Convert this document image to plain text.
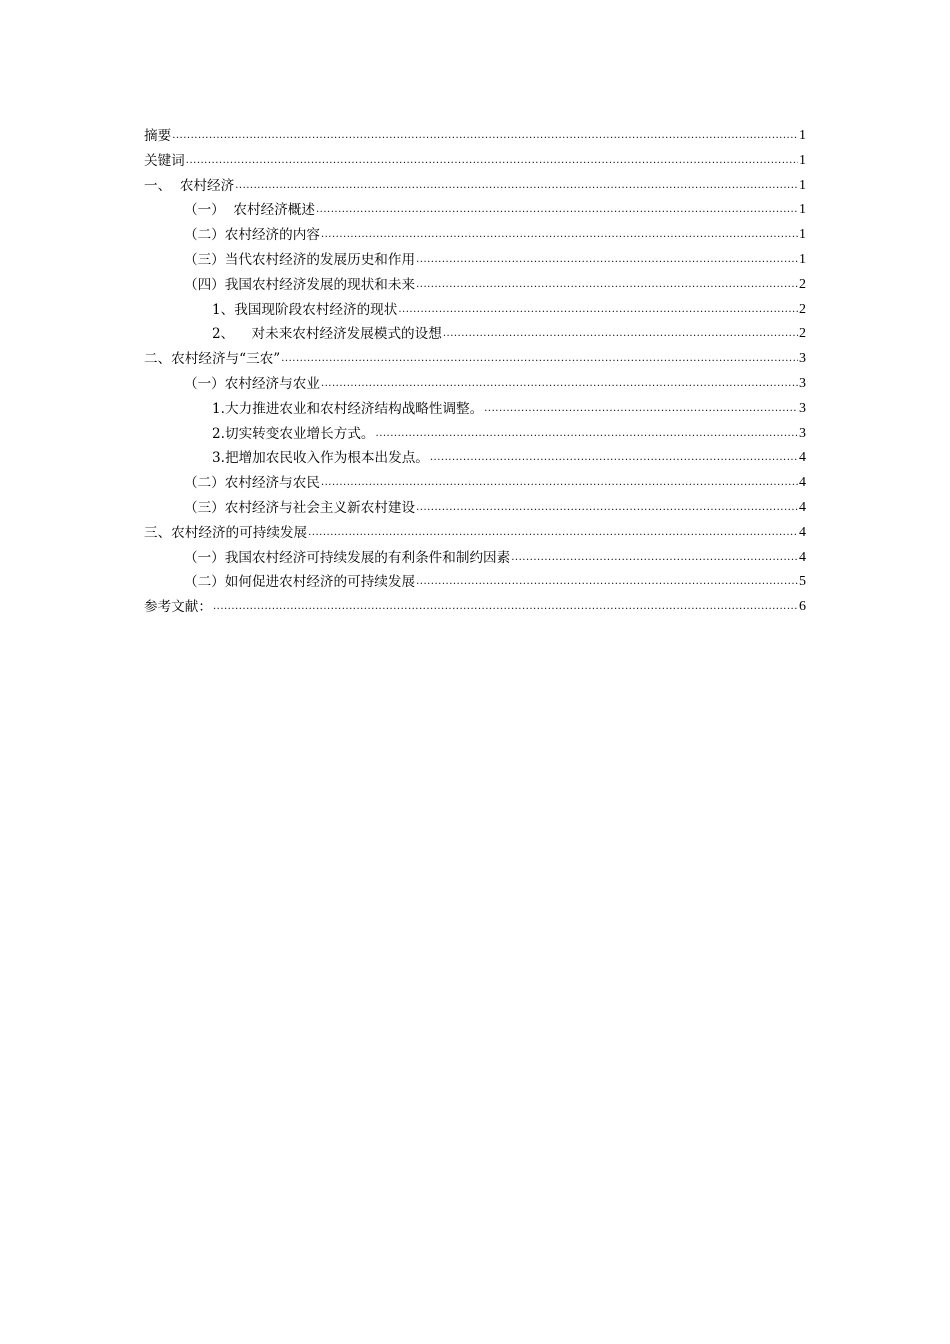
摘要 .....	1
关键词 .....	1
一、  农村经济 .....	1
（一）  农村经济概述 .....	1
（二）农村经济的内容 .....	1
（三）当代农村经济的发展历史和作用 .....	1
（四）我国农村经济发展的现状和未来 .....	2
1、我国现阶段农村经济的现状 .....	2
2、    对未来农村经济发展模式的设想 .....	2
二、农村经济与“三农” .....	3
（一）农村经济与农业 .....	3
1.大力推进农业和农村经济结构战略性调整。 .....	3
2.切实转变农业增长方式。 .....	3
3.把增加农民收入作为根本出发点。 .....	4
（二）农村经济与农民 .....	4
（三）农村经济与社会主义新农村建设 .....	4
三、农村经济的可持续发展 .....	4
（一）我国农村经济可持续发展的有利条件和制约因素 .....	4
（二）如何促进农村经济的可持续发展 .....	5
参考文献： .....	6
